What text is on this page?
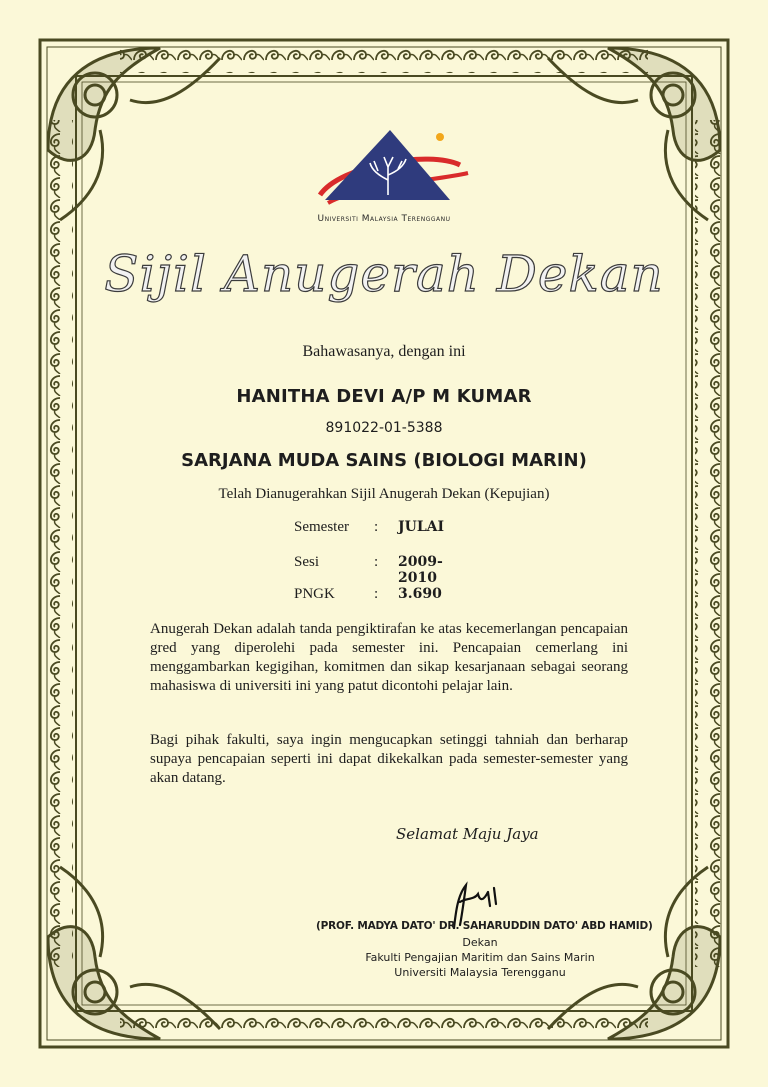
Universiti Malaysia Terengganu
Sijil Anugerah Dekan
Bahawasanya, dengan ini
HANITHA DEVI A/P M KUMAR
891022-01-5388
SARJANA MUDA SAINS (BIOLOGI MARIN)
Telah Dianugerahkan Sijil Anugerah Dekan (Kepujian)
Semester : JULAI
Sesi	: 2009-2010
PNGK	: 3.690
Anugerah Dekan adalah tanda pengiktirafan ke atas kecemerlangan pencapaian gred yang diperolehi pada semester ini. Pencapaian cemerlang ini menggambarkan kegigihan, komitmen dan sikap kesarjanaan sebagai seorang mahasiswa di universiti ini yang patut dicontohi pelajar lain.
Bagi pihak fakulti, saya ingin mengucapkan setinggi tahniah dan berharap supaya pencapaian seperti ini dapat dikekalkan pada semester-semester yang akan datang.
Selamat Maju Jaya
(PROF. MADYA DATO' DR. SAHARUDDIN DATO' ABD HAMID)
Dekan
Fakulti Pengajian Maritim dan Sains Marin
Universiti Malaysia Terengganu
